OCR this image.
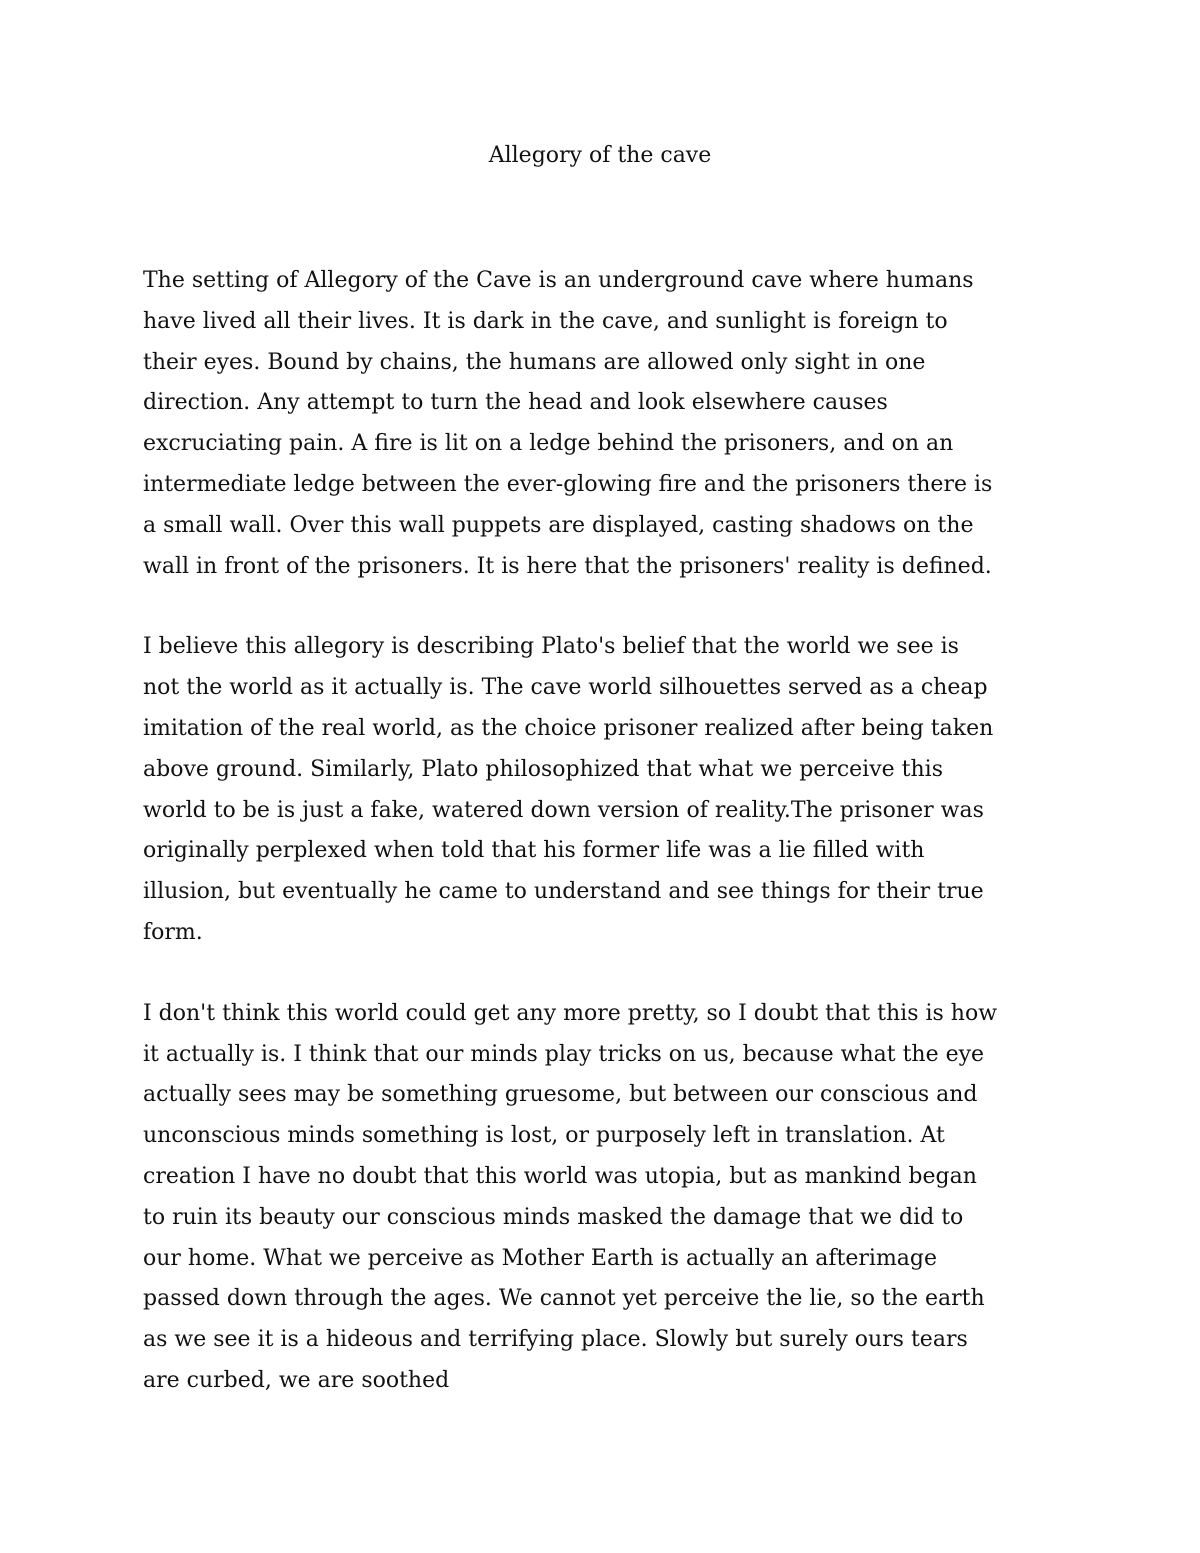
Allegory of the cave

The setting of Allegory of the Cave is an underground cave where humans
have lived all their lives. It is dark in the cave, and sunlight is foreign to
their eyes. Bound by chains, the humans are allowed only sight in one
direction. Any attempt to turn the head and look elsewhere causes
excruciating pain. A fire is lit on a ledge behind the prisoners, and on an
intermediate ledge between the ever-glowing fire and the prisoners there is
a small wall. Over this wall puppets are displayed, casting shadows on the
wall in front of the prisoners. It is here that the prisoners' reality is defined.

I believe this allegory is describing Plato's belief that the world we see is
not the world as it actually is. The cave world silhouettes served as a cheap
imitation of the real world, as the choice prisoner realized after being taken
above ground. Similarly, Plato philosophized that what we perceive this
world to be is just a fake, watered down version of reality.The prisoner was
originally perplexed when told that his former life was a lie filled with
illusion, but eventually he came to understand and see things for their true
form.

I don't think this world could get any more pretty, so I doubt that this is how
it actually is. I think that our minds play tricks on us, because what the eye
actually sees may be something gruesome, but between our conscious and
unconscious minds something is lost, or purposely left in translation. At
creation I have no doubt that this world was utopia, but as mankind began
to ruin its beauty our conscious minds masked the damage that we did to
our home. What we perceive as Mother Earth is actually an afterimage
passed down through the ages. We cannot yet perceive the lie, so the earth
as we see it is a hideous and terrifying place. Slowly but surely ours tears
are curbed, we are soothed
